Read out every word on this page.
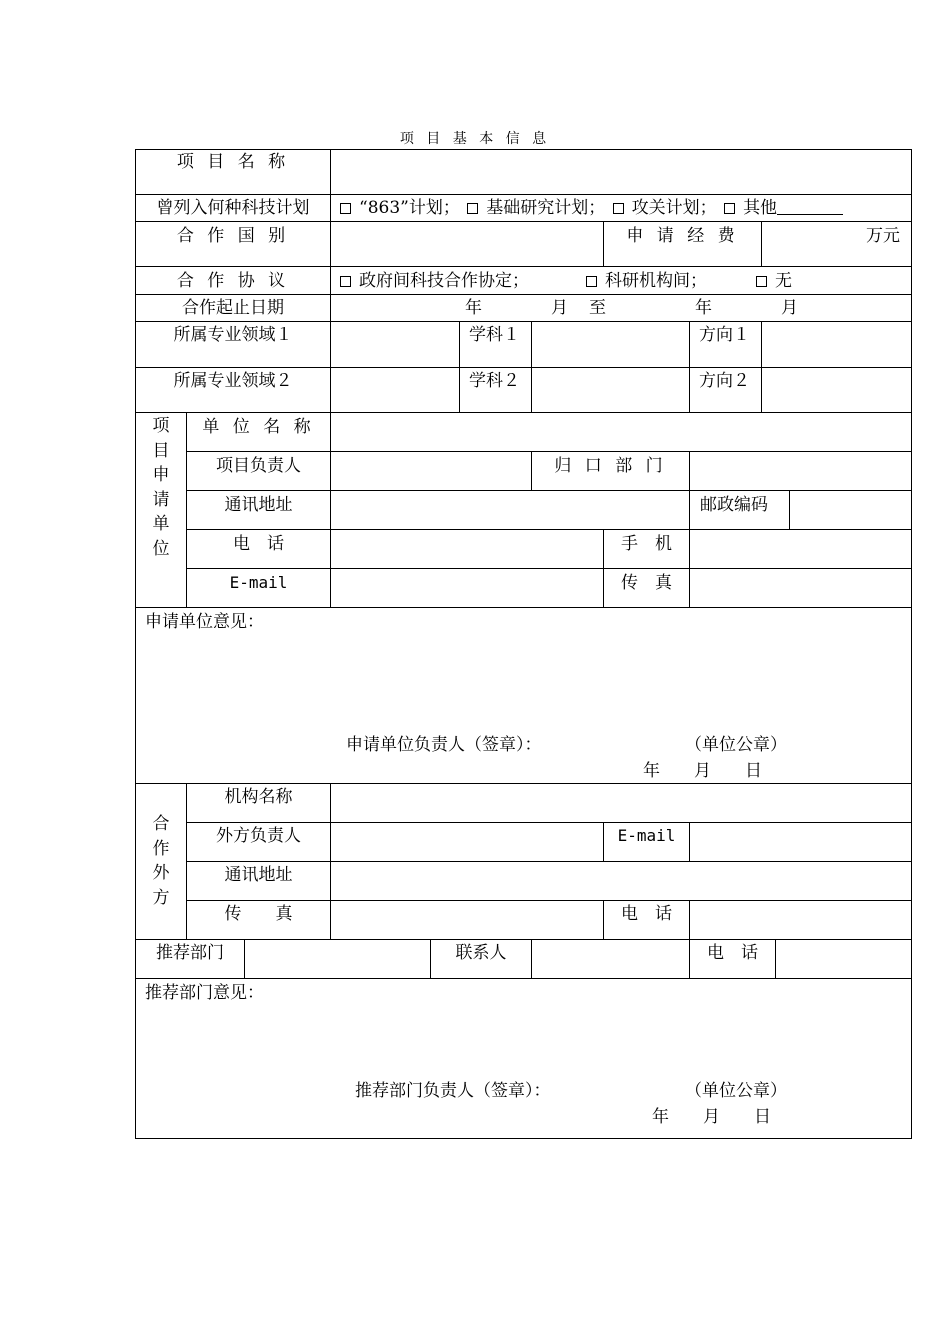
项 目 基 本 信 息
项 目 名 称
曾列入何种科技计划	“863”计划； 基础研究计划； 攻关计划； 其他
合 作 国 别	申 请 经 费	万元
合 作 协 议	政府间科技合作协定；	科研机构间；	无
合作起止日期	年	月 至	年	月
所属专业领域１	学科１	方向１
所属专业领域２	学科２	方向２
项目申请单位
单 位 名 称
项目负责人	归 口 部 门
通讯地址	邮政编码
电　话	手　机
E-mail	传　真
申请单位意见：
申请单位负责人（签章）：	（单位公章）
年　　月　　日
合作外方
机构名称
外方负责人	E-mail
通讯地址
传　　真	电　话
推荐部门	联系人	电　话
推荐部门意见：
推荐部门负责人（签章）：	（单位公章）
年　　月　　日
